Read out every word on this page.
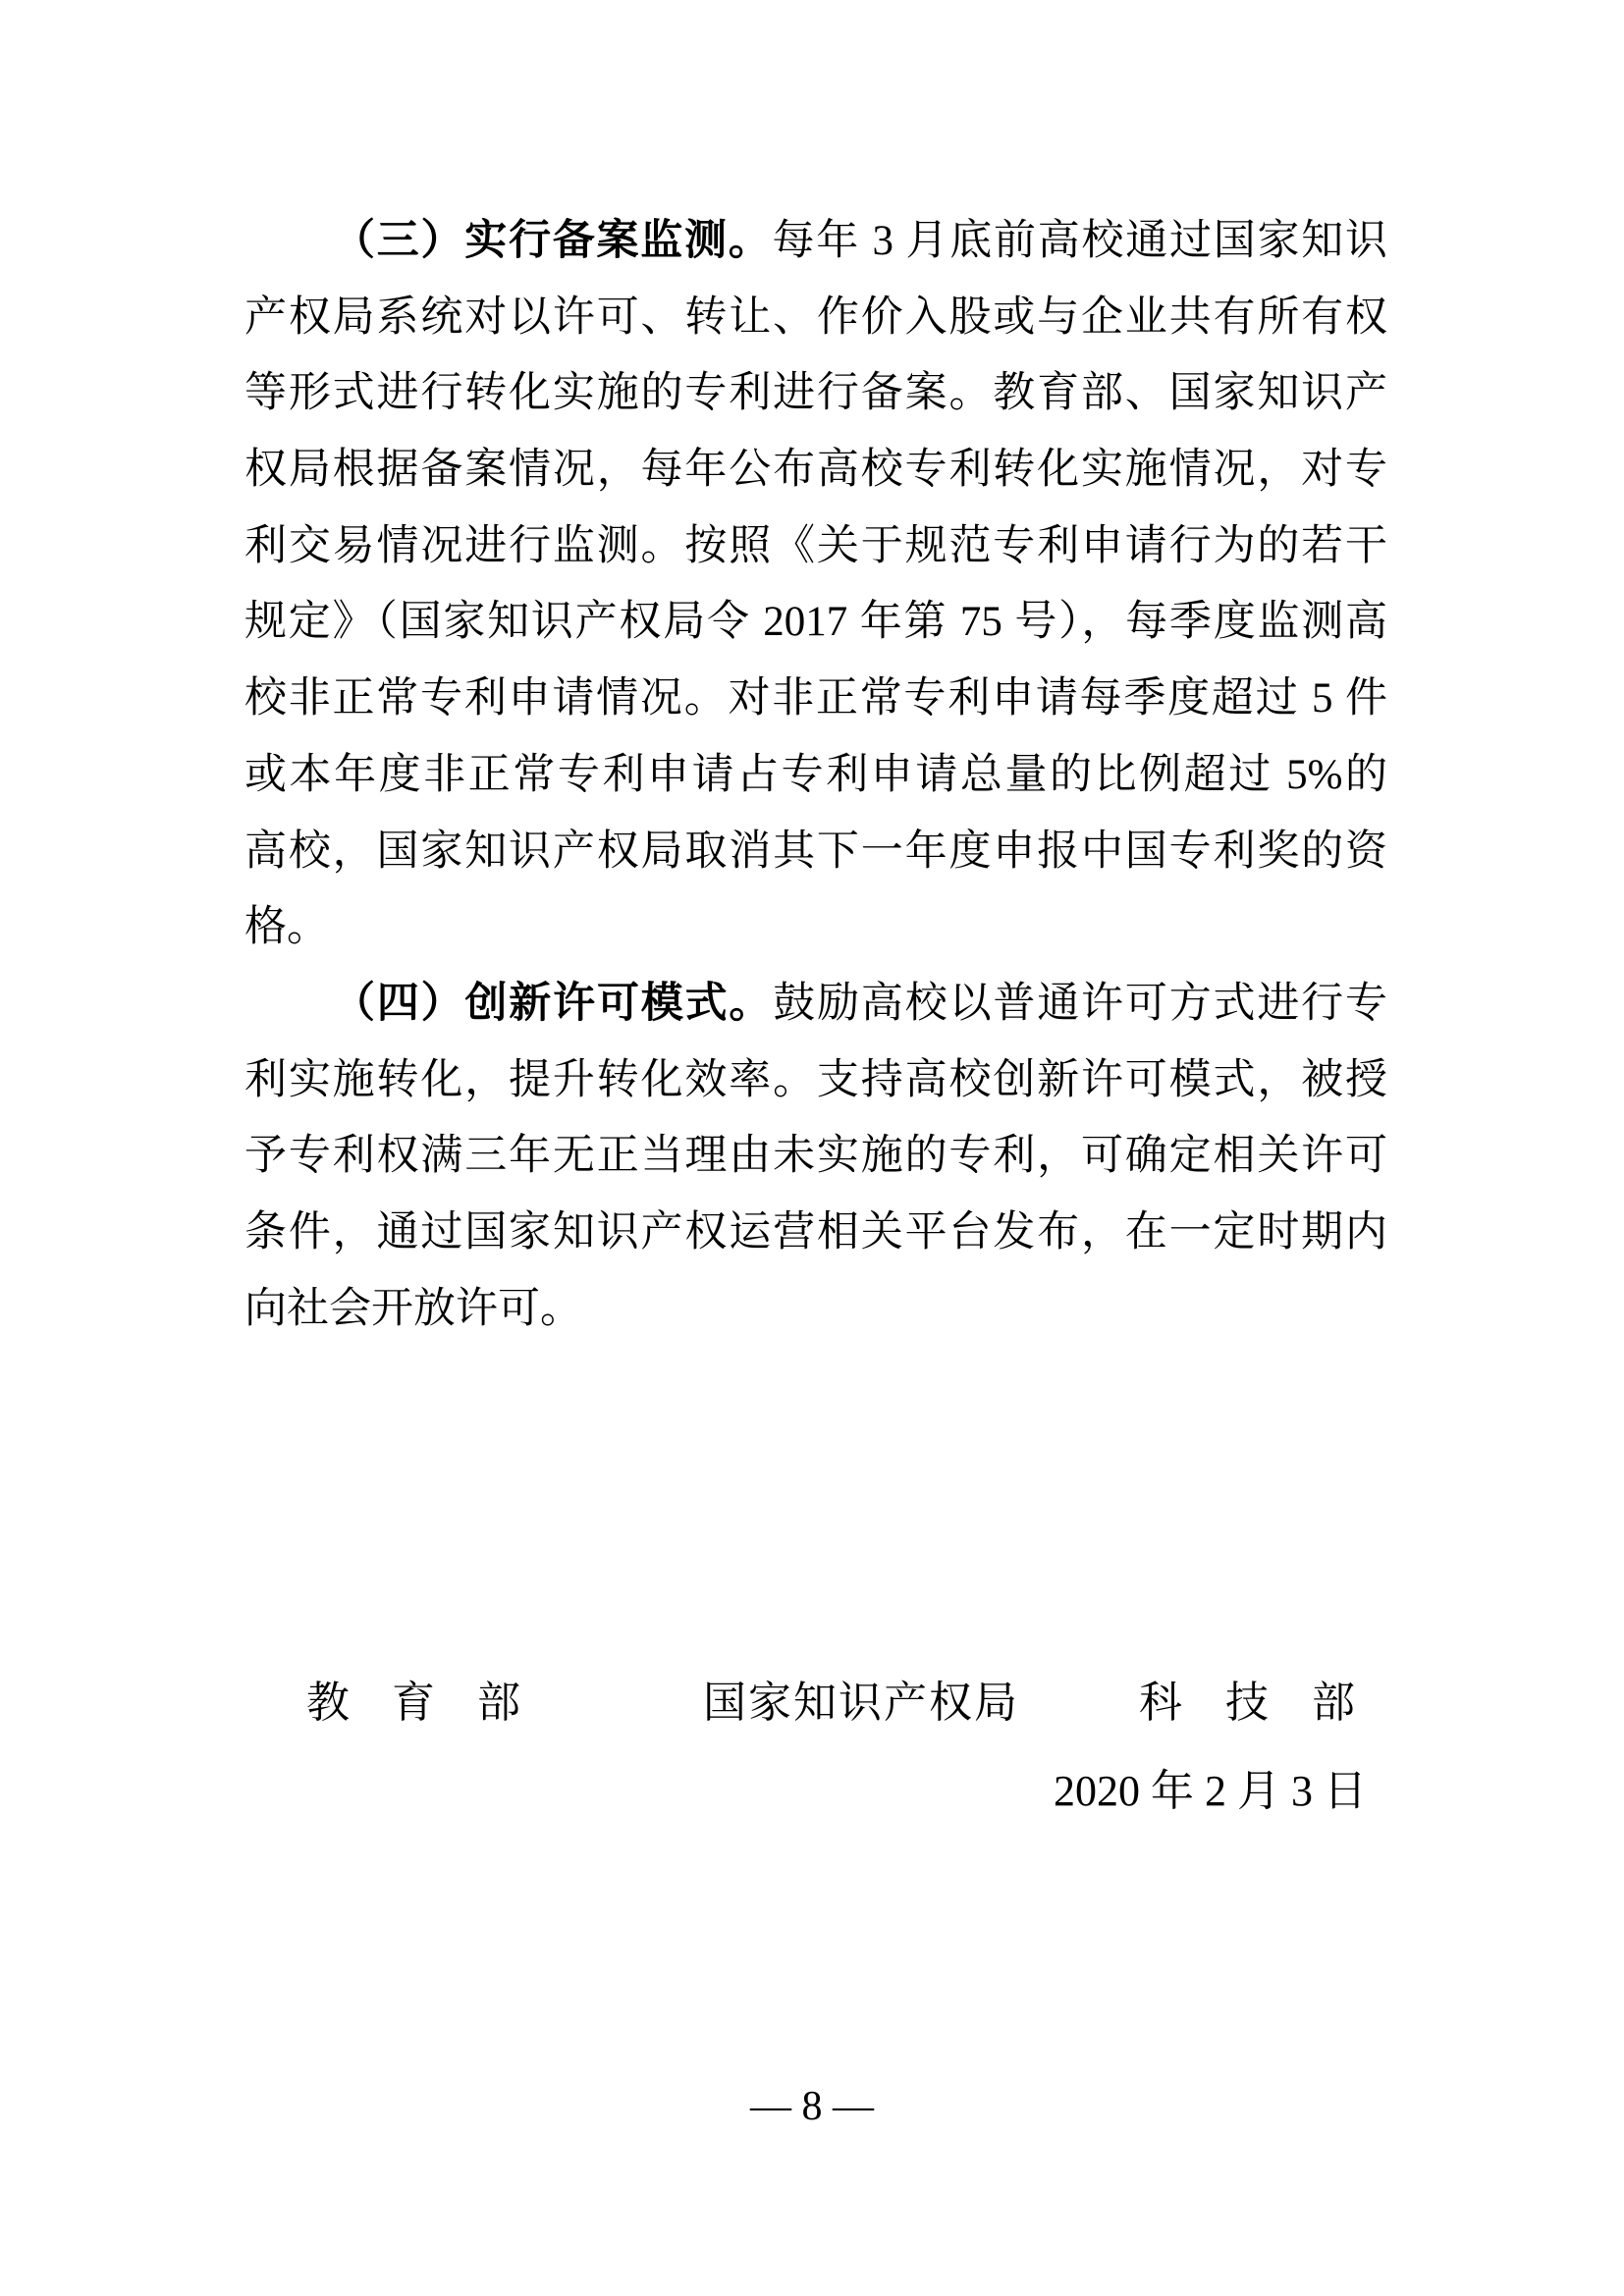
（三）实行备案监测。每年 3 月底前高校通过国家知识
产权局系统对以许可、转让、作价入股或与企业共有所有权
等形式进行转化实施的专利进行备案。教育部、国家知识产
权局根据备案情况，每年公布高校专利转化实施情况，对专
利交易情况进行监测。按照《关于规范专利申请行为的若干
规定》（国家知识产权局令 2017 年第 75 号），每季度监测高
校非正常专利申请情况。对非正常专利申请每季度超过 5 件
或本年度非正常专利申请占专利申请总量的比例超过 5%的
高校，国家知识产权局取消其下一年度申报中国专利奖的资
格。
（四）创新许可模式。鼓励高校以普通许可方式进行专
利实施转化，提升转化效率。支持高校创新许可模式，被授
予专利权满三年无正当理由未实施的专利，可确定相关许可
条件，通过国家知识产权运营相关平台发布，在一定时期内
向社会开放许可。
教育部	国家知识产权局	科技部
2020 年 2 月 3 日
— 8 —
